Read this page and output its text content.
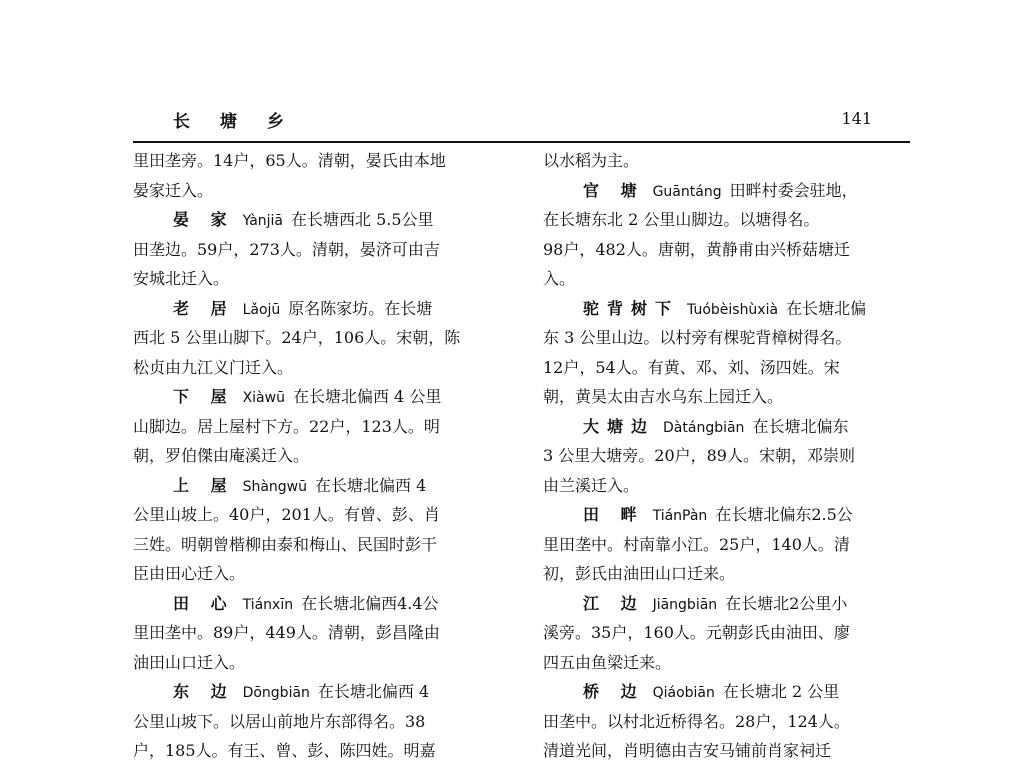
长 塘 乡	141
里田垄旁。14户，65人。清朝，晏氏由本地
晏家迁入。
晏 家 Yànjiā 在长塘西北 5.5公里
田垄边。59户，273人。清朝，晏济可由吉
安城北迁入。
老 居 Lǎojū 原名陈家坊。在长塘
西北 5 公里山脚下。24户，106人。宋朝，陈
松贞由九江义门迁入。
下 屋 Xiàwū 在长塘北偏西 4 公里
山脚边。居上屋村下方。22户，123人。明
朝，罗伯傑由庵溪迁入。
上 屋 Shàngwū 在长塘北偏西 4
公里山坡上。40户，201人。有曾、彭、肖
三姓。明朝曾楷柳由泰和梅山、民国时彭干
臣由田心迁入。
田 心 Tiánxīn 在长塘北偏西4.4公
里田垄中。89户，449人。清朝，彭昌隆由
油田山口迁入。
东 边 Dōngbiān 在长塘北偏西 4
公里山坡下。以居山前地片东部得名。38
户，185人。有王、曾、彭、陈四姓。明嘉
以水稻为主。
官 塘 Guāntáng 田畔村委会驻地，
在长塘东北 2 公里山脚边。以塘得名。
98户，482人。唐朝，黄静甫由兴桥菇塘迁
入。
驼背树下 Tuóbèishùxià 在长塘北偏
东 3 公里山边。以村旁有棵驼背樟树得名。
12户，54人。有黄、邓、刘、汤四姓。宋
朝，黄昊太由吉水乌东上园迁入。
大塘边 Dàtángbiān 在长塘北偏东
3 公里大塘旁。20户，89人。宋朝，邓崇则
由兰溪迁入。
田 畔 TiánPàn 在长塘北偏东2.5公
里田垄中。村南靠小江。25户，140人。清
初，彭氏由油田山口迁来。
江 边 Jiāngbiān 在长塘北2公里小
溪旁。35户，160人。元朝彭氏由油田、廖
四五由鱼梁迁来。
桥 边 Qiáobiān 在长塘北 2 公里
田垄中。以村北近桥得名。28户，124人。
清道光间，肖明德由吉安马铺前肖家祠迁
